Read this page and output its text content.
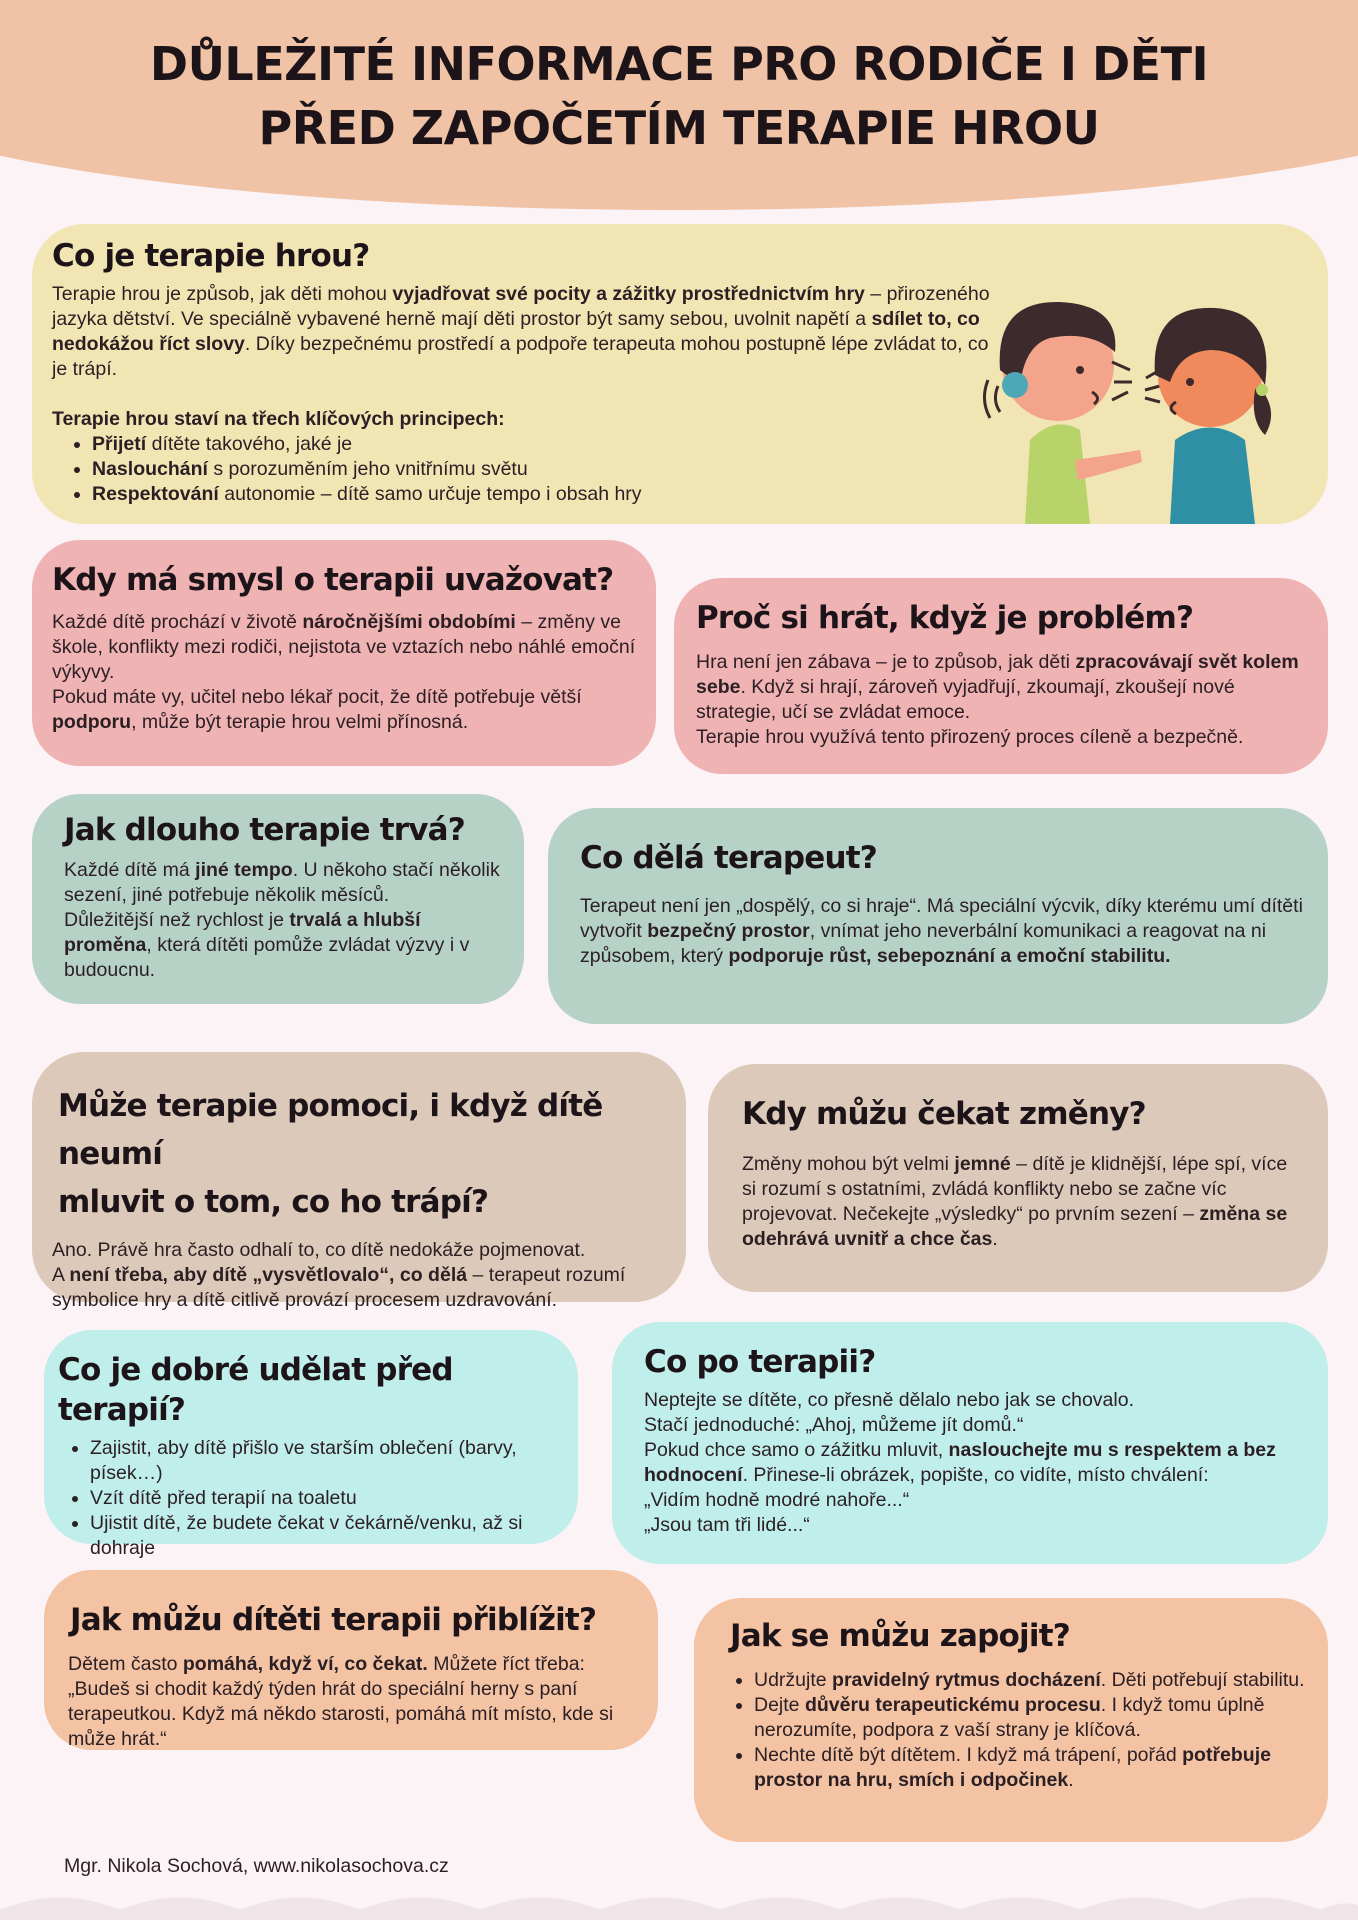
DŮLEŽITÉ INFORMACE PRO RODIČE I DĚTI
PŘED ZAPOČETÍM TERAPIE HROU
Co je terapie hrou?

Terapie hrou je způsob, jak děti mohou vyjadřovat své pocity a zážitky prostřednictvím hry – přirozeného jazyka dětství. Ve speciálně vybavené herně mají děti prostor být samy sebou, uvolnit napětí a sdílet to, co nedokážou říct slovy. Díky bezpečnému prostředí a podpoře terapeuta mohou postupně lépe zvládat to, co je trápí.

Terapie hrou staví na třech klíčových principech:

• Přijetí dítěte takového, jaké je
• Naslouchání s porozuměním jeho vnitřnímu světu
• Respektování autonomie – dítě samo určuje tempo i obsah hry
Kdy má smysl o terapii uvažovat?

Každé dítě prochází v životě náročnějšími obdobími – změny ve škole, konflikty mezi rodiči, nejistota ve vztazích nebo náhlé emoční výkyvy.
Pokud máte vy, učitel nebo lékař pocit, že dítě potřebuje větší podporu, může být terapie hrou velmi přínosná.

Proč si hrát, když je problém?

Hra není jen zábava – je to způsob, jak děti zpracovávají svět kolem sebe. Když si hrají, zároveň vyjadřují, zkoumají, zkoušejí nové strategie, učí se zvládat emoce.
Terapie hrou využívá tento přirozený proces cíleně a bezpečně.

Jak dlouho terapie trvá?

Každé dítě má jiné tempo. U někoho stačí několik sezení, jiné potřebuje několik měsíců.
Důležitější než rychlost je trvalá a hlubší proměna, která dítěti pomůže zvládat výzvy i v budoucnu.

Co dělá terapeut?

Terapeut není jen „dospělý, co si hraje“. Má speciální výcvik, díky kterému umí dítěti vytvořit bezpečný prostor, vnímat jeho neverbální komunikaci a reagovat na ni způsobem, který podporuje růst, sebepoznání a emoční stabilitu.

Může terapie pomoci, i když dítě neumí
mluvit o tom, co ho trápí?

Ano. Právě hra často odhalí to, co dítě nedokáže pojmenovat.
A není třeba, aby dítě „vysvětlovalo“, co dělá – terapeut rozumí symbolice hry a dítě citlivě provází procesem uzdravování.

Kdy můžu čekat změny?

Změny mohou být velmi jemné – dítě je klidnější, lépe spí, více si rozumí s ostatními, zvládá konflikty nebo se začne víc projevovat. Nečekejte „výsledky“ po prvním sezení – změna se odehrává uvnitř a chce čas.

Co je dobré udělat před terapií?
• Zajistit, aby dítě přišlo ve starším oblečení (barvy, písek…)
• Vzít dítě před terapií na toaletu
• Ujistit dítě, že budete čekat v čekárně/venku, až si dohraje
Co po terapii?

Neptejte se dítěte, co přesně dělalo nebo jak se chovalo.
Stačí jednoduché: „Ahoj, můžeme jít domů.“
Pokud chce samo o zážitku mluvit, naslouchejte mu s respektem a bez hodnocení. Přinese-li obrázek, popište, co vidíte, místo chválení:
„Vidím hodně modré nahoře...“
„Jsou tam tři lidé...“

Jak můžu dítěti terapii přiblížit?

Dětem často pomáhá, když ví, co čekat. Můžete říct třeba: „Budeš si chodit každý týden hrát do speciální herny s paní terapeutkou. Když má někdo starosti, pomáhá mít místo, kde si může hrát.“

Jak se můžu zapojit?
• Udržujte pravidelný rytmus docházení. Děti potřebují stabilitu.
• Dejte důvěru terapeutickému procesu. I když tomu úplně nerozumíte, podpora z vaší strany je klíčová.
• Nechte dítě být dítětem. I když má trápení, pořád potřebuje prostor na hru, smích i odpočinek.
Mgr. Nikola Sochová, www.nikolasochova.cz
